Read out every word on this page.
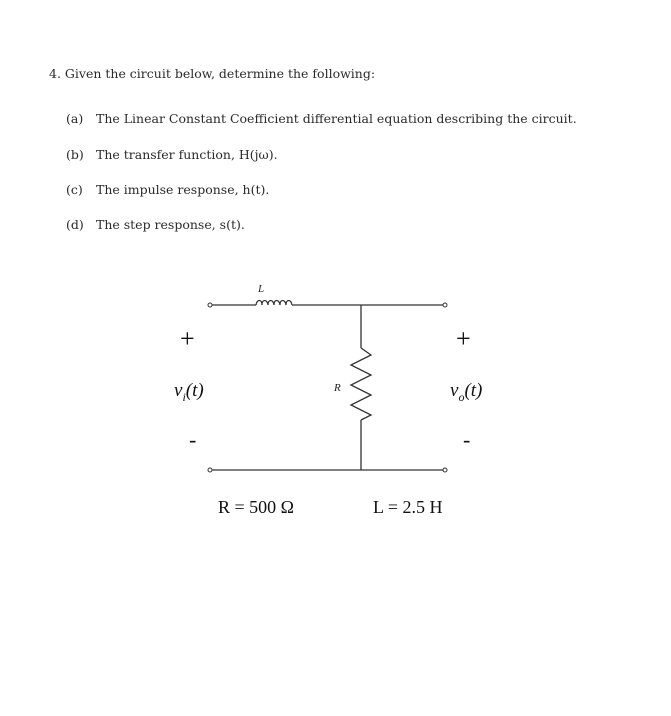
4. Given the circuit below, determine the following:
(a) The Linear Constant Coefficient differential equation describing the circuit.
(b) The transfer function, H(jω).
(c) The impulse response, h(t).
(d) The step response, s(t).
L
R
+
-
+
-
$v_i(t)$	$v_o(t)$
R = 500 Ω	L = 2.5 H
